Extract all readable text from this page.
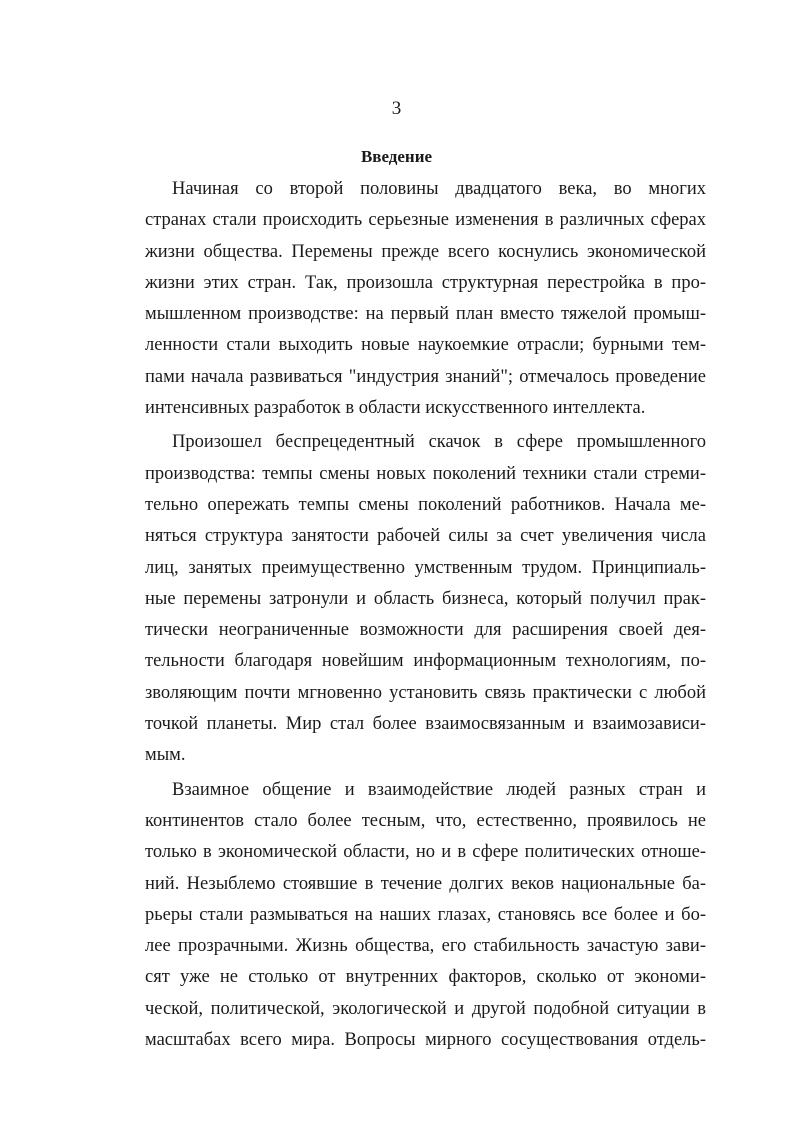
3
Введение
Начиная со второй половины двадцатого века, во многих
странах стали происходить серьезные изменения в различных сферах
жизни общества. Перемены прежде всего коснулись экономической
жизни этих стран. Так, произошла структурная перестройка в про-
мышленном производстве: на первый план вместо тяжелой промыш-
ленности стали выходить новые наукоемкие отрасли; бурными тем-
пами начала развиваться "индустрия знаний"; отмечалось проведение
интенсивных разработок в области искусственного интеллекта.
Произошел беспрецедентный скачок в сфере промышленного
производства: темпы смены новых поколений техники стали стреми-
тельно опережать темпы смены поколений работников. Начала ме-
няться структура занятости рабочей силы за счет увеличения числа
лиц, занятых преимущественно умственным трудом. Принципиаль-
ные перемены затронули и область бизнеса, который получил прак-
тически неограниченные возможности для расширения своей дея-
тельности благодаря новейшим информационным технологиям, по-
зволяющим почти мгновенно установить связь практически с любой
точкой планеты. Мир стал более взаимосвязанным и взаимозависи-
мым.
Взаимное общение и взаимодействие людей разных стран и
континентов стало более тесным, что, естественно, проявилось не
только в экономической области, но и в сфере политических отноше-
ний. Незыблемо стоявшие в течение долгих веков национальные ба-
рьеры стали размываться на наших глазах, становясь все более и бо-
лее прозрачными. Жизнь общества, его стабильность зачастую зави-
сят уже не столько от внутренних факторов, сколько от экономи-
ческой, политической, экологической и другой подобной ситуации в
масштабах всего мира. Вопросы мирного сосуществования отдель-
